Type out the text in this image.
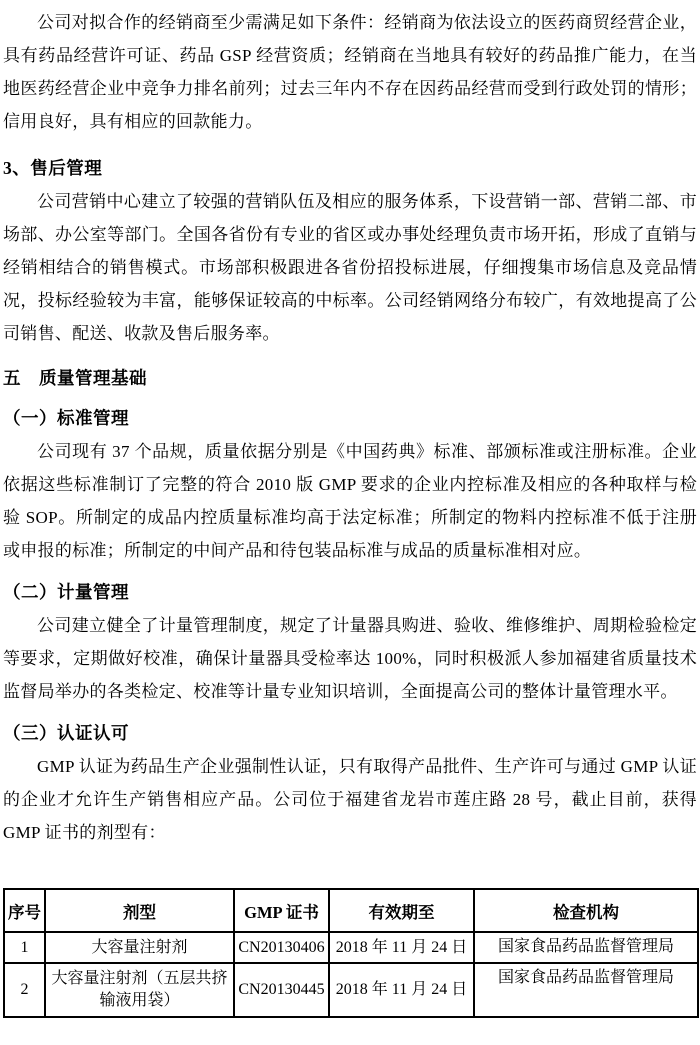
公司对拟合作的经销商至少需满足如下条件：经销商为依法设立的医药商贸经营企业，具有药品经营许可证、药品 GSP 经营资质；经销商在当地具有较好的药品推广能力，在当地医药经营企业中竞争力排名前列；过去三年内不存在因药品经营而受到行政处罚的情形；信用良好，具有相应的回款能力。

3、售后管理

公司营销中心建立了较强的营销队伍及相应的服务体系，下设营销一部、营销二部、市场部、办公室等部门。全国各省份有专业的省区或办事处经理负责市场开拓，形成了直销与经销相结合的销售模式。市场部积极跟进各省份招投标进展，仔细搜集市场信息及竞品情况，投标经验较为丰富，能够保证较高的中标率。公司经销网络分布较广，有效地提高了公司销售、配送、收款及售后服务率。

五　质量管理基础
（一）标准管理

公司现有 37 个品规，质量依据分别是《中国药典》标准、部颁标准或注册标准。企业依据这些标准制订了完整的符合 2010 版 GMP 要求的企业内控标准及相应的各种取样与检验 SOP。所制定的成品内控质量标准均高于法定标准；所制定的物料内控标准不低于注册或申报的标准；所制定的中间产品和待包装品标准与成品的质量标准相对应。

（二）计量管理

公司建立健全了计量管理制度，规定了计量器具购进、验收、维修维护、周期检验检定等要求，定期做好校准，确保计量器具受检率达 100%，同时积极派人参加福建省质量技术监督局举办的各类检定、校准等计量专业知识培训，全面提高公司的整体计量管理水平。

（三）认证认可

GMP 认证为药品生产企业强制性认证，只有取得产品批件、生产许可与通过 GMP 认证的企业才允许生产销售相应产品。公司位于福建省龙岩市莲庄路 28 号，截止目前，获得 GMP 证书的剂型有：

序号	剂型	GMP 证书	有效期至	检查机构
1	大容量注射剂	CN20130406	2018 年 11 月 24 日	国家食品药品监督管理局
2	大容量注射剂（五层共挤输液用袋）	CN20130445	2018 年 11 月 24 日	国家食品药品监督管理局
